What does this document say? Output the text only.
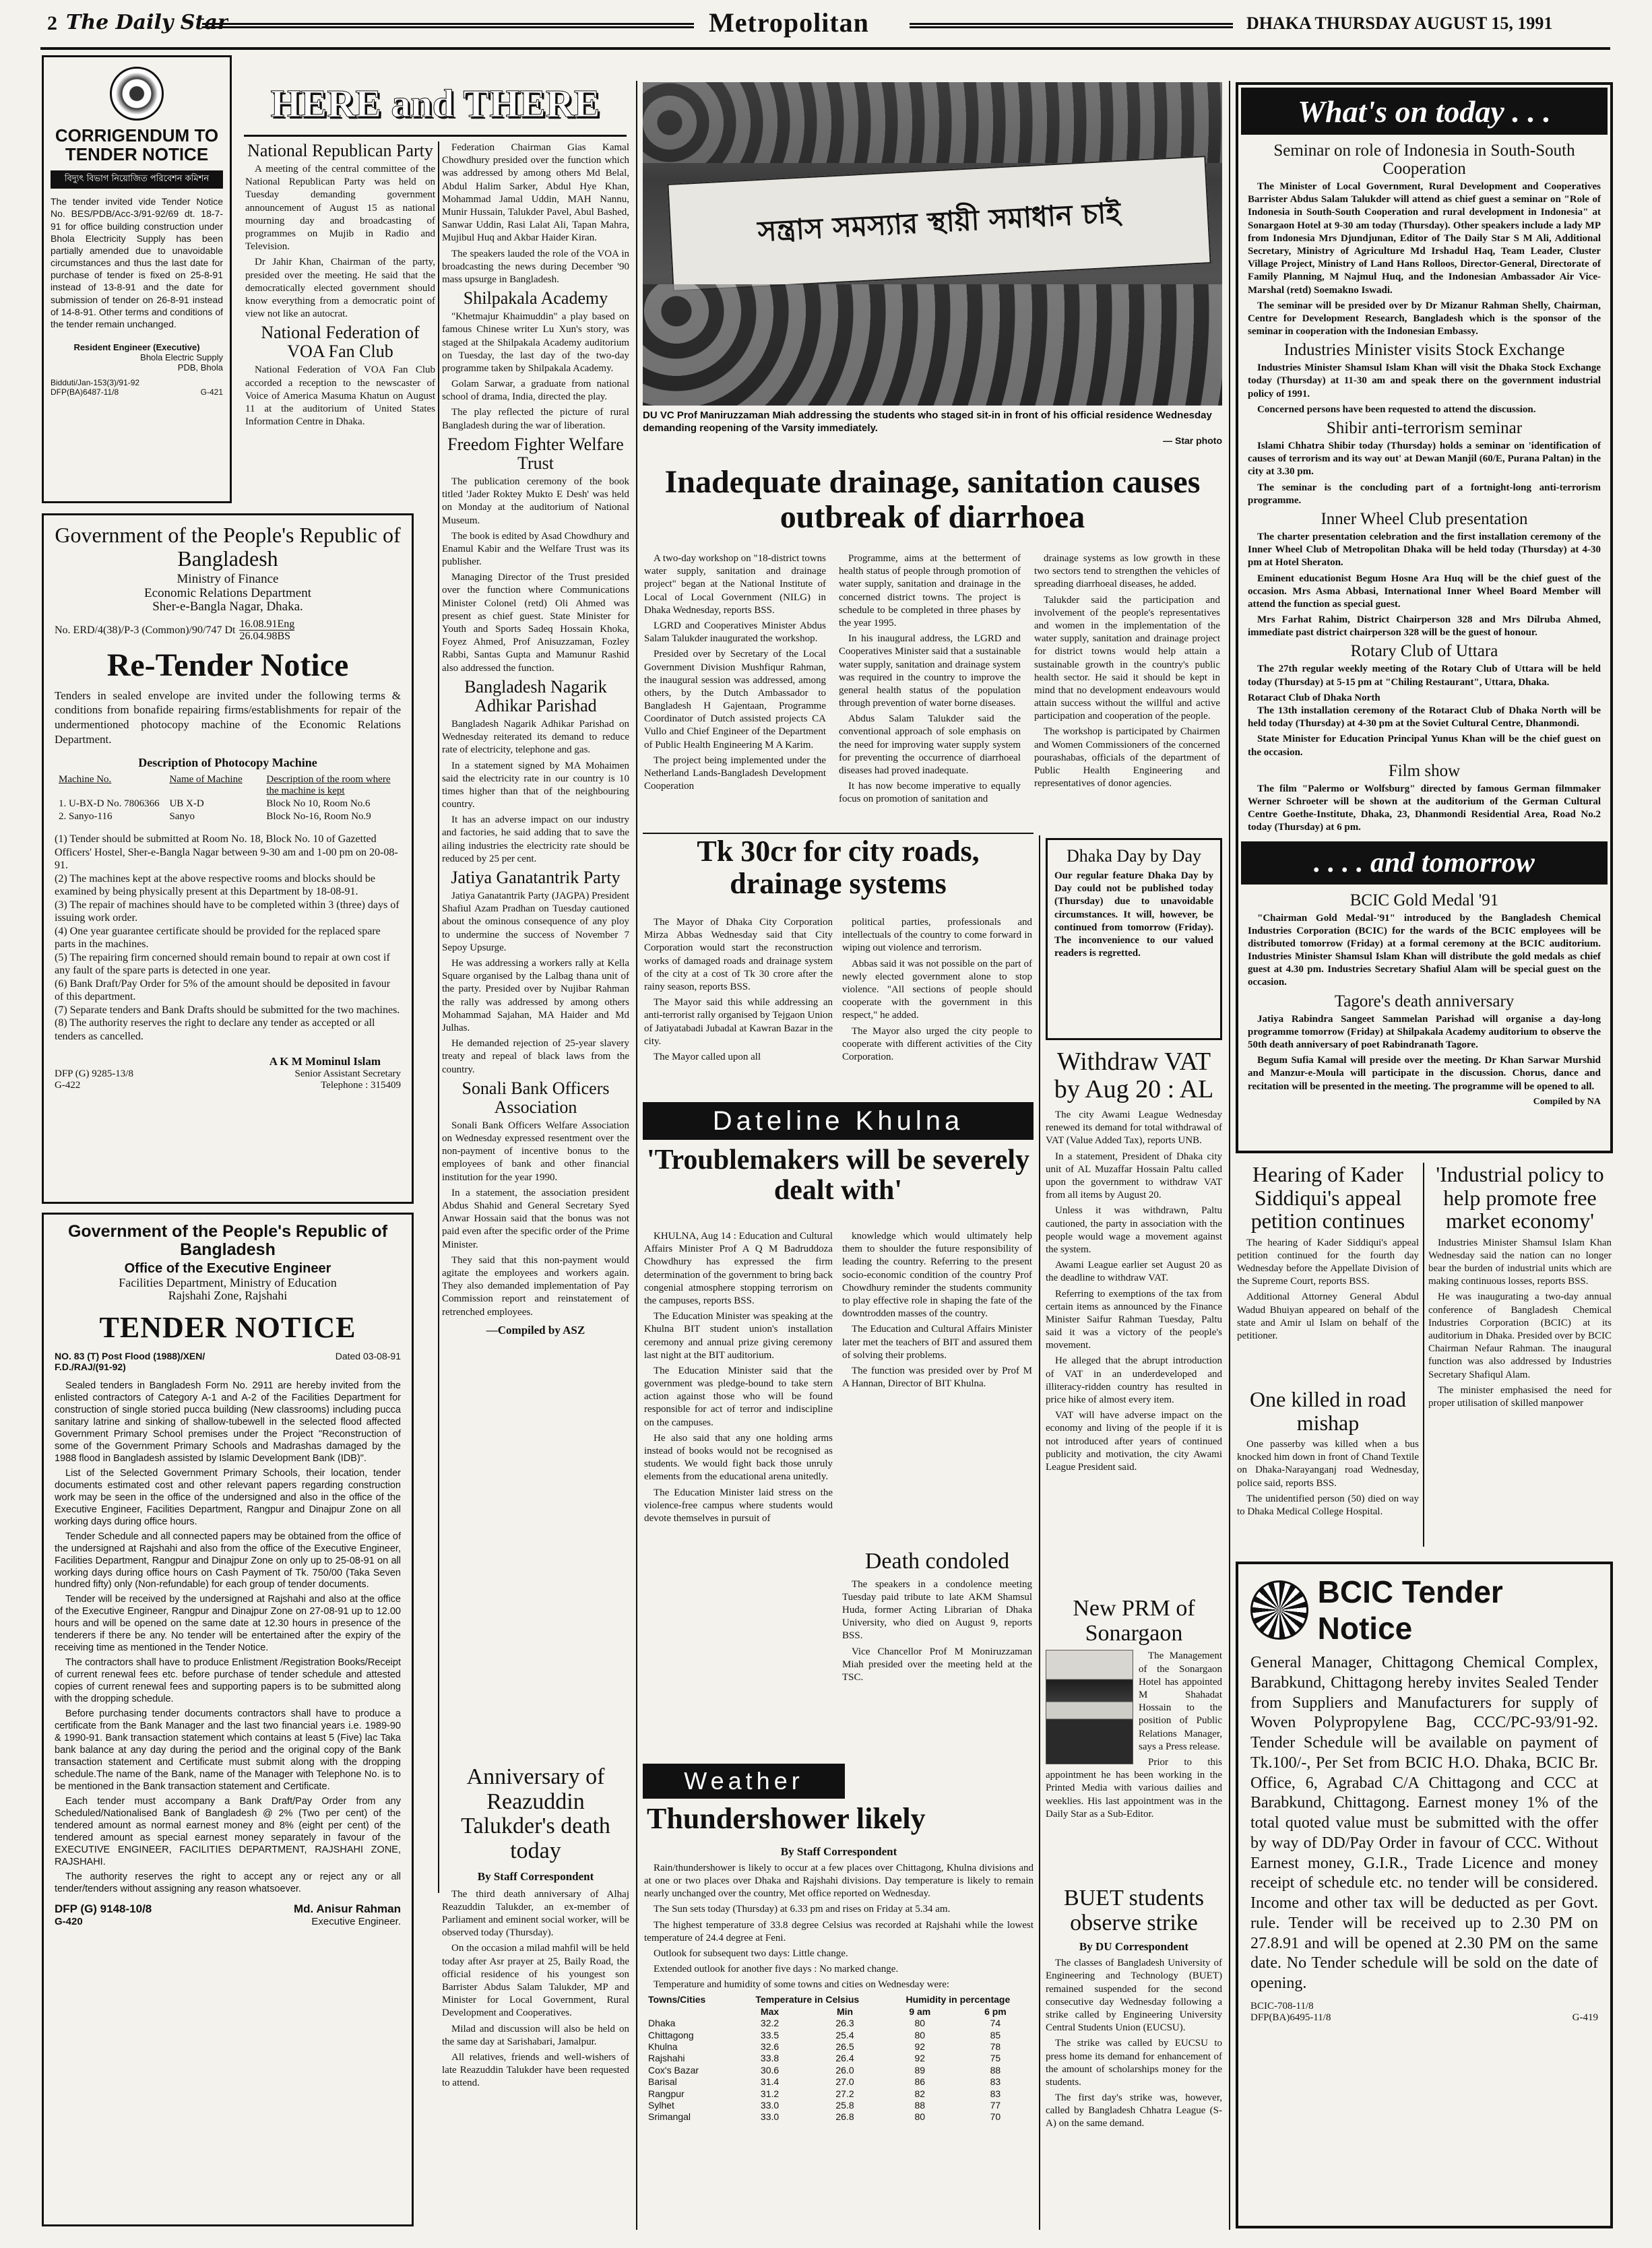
2 The Daily Star	Metropolitan	DHAKA THURSDAY AUGUST 15, 1991
CORRIGENDUM TO TENDER NOTICE
বিদ্যুৎ বিভাগ নিয়োজিত পরিবেশন কমিশন
The tender invited vide Tender Notice No. BES/PDB/Acc-3/91-92/69 dt. 18-7-91 for office building construction under Bhola Electricity Supply has been partially amended due to unavoidable circumstances and thus the last date for purchase of tender is fixed on 25-8-91 instead of 13-8-91 and the date for submission of tender on 26-8-91 instead of 14-8-91. Other terms and conditions of the tender remain unchanged.
Resident Engineer (Executive)
Bhola Electric Supply
PDB, Bhola
Bidduti/Jan-153(3)/91-92
DFP(BA)6487-11/8	G-421
Government of the People's Republic of Bangladesh
Ministry of Finance
Economic Relations Department
Sher-e-Bangla Nagar, Dhaka.
No. ERD/4(38)/P-3 (Common)/90/747 Dt
16.08.91Eng
26.04.98BS
Re-Tender Notice
Tenders in sealed envelope are invited under the following terms & conditions from bonafide repairing firms/establishments for repair of the undermentioned photocopy machine of the Economic Relations Department.
Description of Photocopy Machine
Machine No.	Name of Machine	Description of the room where the machine is kept
1. U-BX-D No. 7806366	UB X-D	Block No 10, Room No.6
2. Sanyo-116	Sanyo	Block No-16, Room No.9
(1) Tender should be submitted at Room No. 18, Block No. 10 of Gazetted Officers' Hostel, Sher-e-Bangla Nagar between 9-30 am and 1-00 pm on 20-08-91.
(2) The machines kept at the above respective rooms and blocks should be examined by being physically present at this Department by 18-08-91.
(3) The repair of machines should have to be completed within 3 (three) days of issuing work order.
(4) One year guarantee certificate should be provided for the replaced spare parts in the machines.
(5) The repairing firm concerned should remain bound to repair at own cost if any fault of the spare parts is detected in one year.
(6) Bank Draft/Pay Order for 5% of the amount should be deposited in favour of this department.
(7) Separate tenders and Bank Drafts should be submitted for the two machines.
(8) The authority reserves the right to declare any tender as accepted or all tenders as cancelled.
A K M Mominul Islam
DFP (G) 9285-13/8	Senior Assistant Secretary
G-422	Telephone : 315409
Government of the People's Republic of Bangladesh
Office of the Executive Engineer
Facilities Department, Ministry of Education
Rajshahi Zone, Rajshahi
TENDER NOTICE
NO. 83 (T) Post Flood (1988)/XEN/ F.D./RAJ/(91-92)
Dated 03-08-91

Sealed tenders in Bangladesh Form No. 2911 are hereby invited from the enlisted contractors of Category A-1 and A-2 of the Facilities Department for construction of single storied pucca building (New classrooms) including pucca sanitary latrine and sinking of shallow-tubewell in the selected flood affected Government Primary School premises under the Project "Reconstruction of some of the Government Primary Schools and Madrashas damaged by the 1988 flood in Bangladesh assisted by Islamic Development Bank (IDB)".

List of the Selected Government Primary Schools, their location, tender documents estimated cost and other relevant papers regarding construction work may be seen in the office of the undersigned and also in the office of the Executive Engineer, Facilities Department, Rangpur and Dinajpur Zone on all working days during office hours.

Tender Schedule and all connected papers may be obtained from the office of the undersigned at Rajshahi and also from the office of the Executive Engineer, Facilities Department, Rangpur and Dinajpur Zone on only up to 25-08-91 on all working days during office hours on Cash Payment of Tk. 750/00 (Taka Seven hundred fifty) only (Non-refundable) for each group of tender documents.

Tender will be received by the undersigned at Rajshahi and also at the office of the Executive Engineer, Rangpur and Dinajpur Zone on 27-08-91 up to 12.00 hours and will be opened on the same date at 12.30 hours in presence of the tenderers if there be any. No tender will be entertained after the expiry of the receiving time as mentioned in the Tender Notice.

The contractors shall have to produce Enlistment /Registration Books/Receipt of current renewal fees etc. before purchase of tender schedule and attested copies of current renewal fees and supporting papers is to be submitted along with the dropping schedule.

Before purchasing tender documents contractors shall have to produce a certificate from the Bank Manager and the last two financial years i.e. 1989-90 & 1990-91. Bank transaction statement which contains at least 5 (Five) lac Taka bank balance at any day during the period and the original copy of the Bank transaction statement and Certificate must submit along with the dropping schedule.The name of the Bank, name of the Manager with Telephone No. is to be mentioned in the Bank transaction statement and Certificate.

Each tender must accompany a Bank Draft/Pay Order from any Scheduled/Nationalised Bank of Bangladesh @ 2% (Two per cent) of the tendered amount as normal earnest money and 8% (eight per cent) of the tendered amount as special earnest money separately in favour of the EXECUTIVE ENGINEER, FACILITIES DEPARTMENT, RAJSHAHI ZONE, RAJSHAHI.

The authority reserves the right to accept any or reject any or all tender/tenders without assigning any reason whatsoever.

DFP (G) 9148-10/8	Md. Anisur Rahman
G-420	Executive Engineer.
HERE and THERE
National Republican Party

A meeting of the central committee of the National Republican Party was held on Tuesday demanding government announcement of August 15 as national mourning day and broadcasting of programmes on Mujib in Radio and Television.

Dr Jahir Khan, Chairman of the party, presided over the meeting. He said that the democratically elected government should know everything from a democratic point of view not like an autocrat.

National Federation of VOA Fan Club

National Federation of VOA Fan Club accorded a reception to the newscaster of Voice of America Masuma Khatun on August 11 at the auditorium of United States Information Centre in Dhaka.

Federation Chairman Gias Kamal Chowdhury presided over the function which was addressed by among others Md Belal, Abdul Halim Sarker, Abdul Hye Khan, Mohammad Jamal Uddin, MAH Nannu, Munir Hussain, Talukder Pavel, Abul Bashed, Sanwar Uddin, Rasi Lalat Ali, Tapan Mahra, Mujibul Huq and Akbar Haider Kiran.

The speakers lauded the role of the VOA in broadcasting the news during December '90 mass upsurge in Bangladesh.

Shilpakala Academy

"Khetmajur Khaimuddin" a play based on famous Chinese writer Lu Xun's story, was staged at the Shilpakala Academy auditorium on Tuesday, the last day of the two-day programme taken by Shilpakala Academy.

Golam Sarwar, a graduate from national school of drama, India, directed the play.

The play reflected the picture of rural Bangladesh during the war of liberation.

Freedom Fighter Welfare Trust

The publication ceremony of the book titled 'Jader Roktey Mukto E Desh' was held on Monday at the auditorium of National Museum.

The book is edited by Asad Chowdhury and Enamul Kabir and the Welfare Trust was its publisher.

Managing Director of the Trust presided over the function where Communications Minister Colonel (retd) Oli Ahmed was present as chief guest. State Minister for Youth and Sports Sadeq Hossain Khoka, Foyez Ahmed, Prof Anisuzzaman, Fozley Rabbi, Santas Gupta and Mamunur Rashid also addressed the function.

Bangladesh Nagarik Adhikar Parishad

Bangladesh Nagarik Adhikar Parishad on Wednesday reiterated its demand to reduce rate of electricity, telephone and gas.

In a statement signed by MA Mohaimen said the electricity rate in our country is 10 times higher than that of the neighbouring country.

It has an adverse impact on our industry and factories, he said adding that to save the ailing industries the electricity rate should be reduced by 25 per cent.

Jatiya Ganatantrik Party

Jatiya Ganatantrik Party (JAGPA) President Shafiul Azam Pradhan on Tuesday cautioned about the ominous consequence of any ploy to undermine the success of November 7 Sepoy Upsurge.

He was addressing a workers rally at Kella Square organised by the Lalbag thana unit of the party. Presided over by Nujibar Rahman the rally was addressed by among others Mohammad Sajahan, MA Haider and Md Julhas.

He demanded rejection of 25-year slavery treaty and repeal of black laws from the country.

Sonali Bank Officers Association

Sonali Bank Officers Welfare Association on Wednesday expressed resentment over the non-payment of incentive bonus to the employees of bank and other financial institution for the year 1990.

In a statement, the association president Abdus Shahid and General Secretary Syed Anwar Hossain said that the bonus was not paid even after the specific order of the Prime Minister.

They said that this non-payment would agitate the employees and workers again. They also demanded implementation of Pay Commission report and reinstatement of retrenched employees.

—Compiled by ASZ
Anniversary of Reazuddin Talukder's death today
By Staff Correspondent

The third death anniversary of Alhaj Reazuddin Talukder, an ex-member of Parliament and eminent social worker, will be observed today (Thursday).

On the occasion a milad mahfil will be held today after Asr prayer at 25, Baily Road, the official residence of his youngest son Barrister Abdus Salam Talukder, MP and Minister for Local Government, Rural Development and Cooperatives.

Milad and discussion will also be held on the same day at Sarishabari, Jamalpur.

All relatives, friends and well-wishers of late Reazuddin Talukder have been requested to attend.

সন্ত্রাস সমস্যার স্থায়ী সমাধান চাই
DU VC Prof Maniruzzaman Miah addressing the students who staged sit-in in front of his official residence Wednesday demanding reopening of the Varsity immediately.
— Star photo
Inadequate drainage, sanitation causes outbreak of diarrhoea

A two-day workshop on "18-district towns water supply, sanitation and drainage project" began at the National Institute of Local of Local Government (NILG) in Dhaka Wednesday, reports BSS.

LGRD and Cooperatives Minister Abdus Salam Talukder inaugurated the workshop.

Presided over by Secretary of the Local Government Division Mushfiqur Rahman, the inaugural session was addressed, among others, by the Dutch Ambassador to Bangladesh H Gajentaan, Programme Coordinator of Dutch assisted projects CA Vullo and Chief Engineer of the Department of Public Health Engineering M A Karim.

The project being implemented under the Netherland Lands-Bangladesh Development Cooperation

Programme, aims at the betterment of health status of people through promotion of water supply, sanitation and drainage in the concerned district towns. The project is schedule to be completed in three phases by the year 1995.

In his inaugural address, the LGRD and Cooperatives Minister said that a sustainable water supply, sanitation and drainage system was required in the country to improve the general health status of the population through prevention of water borne diseases.

Abdus Salam Talukder said the conventional approach of sole emphasis on the need for improving water supply system for preventing the occurrence of diarrhoeal diseases had proved inadequate.

It has now become imperative to equally focus on promotion of sanitation and

drainage systems as low growth in these two sectors tend to strengthen the vehicles of spreading diarrhoeal diseases, he added.

Talukder said the participation and involvement of the people's representatives and women in the implementation of the water supply, sanitation and drainage project for district towns would help attain a sustainable growth in the country's public health sector. He said it should be kept in mind that no development endeavours would attain success without the willful and active participation and cooperation of the people.

The workshop is participated by Chairmen and Women Commissioners of the concerned pourashabas, officials of the department of Public Health Engineering and representatives of donor agencies.

Tk 30cr for city roads, drainage systems

The Mayor of Dhaka City Corporation Mirza Abbas Wednesday said that City Corporation would start the reconstruction works of damaged roads and drainage system of the city at a cost of Tk 30 crore after the rainy season, reports BSS.

The Mayor said this while addressing an anti-terrorist rally organised by Tejgaon Union of Jatiyatabadi Jubadal at Kawran Bazar in the city.

The Mayor called upon all

political parties, professionals and intellectuals of the country to come forward in wiping out violence and terrorism.

Abbas said it was not possible on the part of newly elected government alone to stop violence. "All sections of people should cooperate with the government in this respect," he added.

The Mayor also urged the city people to cooperate with different activities of the City Corporation.

Dateline Khulna
'Troublemakers will be severely dealt with'

KHULNA, Aug 14 : Education and Cultural Affairs Minister Prof A Q M Badruddoza Chowdhury has expressed the firm determination of the government to bring back congenial atmosphere stopping terrorism on the campuses, reports BSS.

The Education Minister was speaking at the Khulna BIT student union's installation ceremony and annual prize giving ceremony last night at the BIT auditorium.

The Education Minister said that the government was pledge-bound to take stern action against those who will be found responsible for act of terror and indiscipline on the campuses.

He also said that any one holding arms instead of books would not be recognised as students. We would fight back those unruly elements from the educational arena unitedly.

The Education Minister laid stress on the violence-free campus where students would devote themselves in pursuit of

knowledge which would ultimately help them to shoulder the future responsibility of leading the country. Referring to the present socio-economic condition of the country Prof Chowdhury reminder the students community to play effective role in shaping the fate of the downtrodden masses of the country.

The Education and Cultural Affairs Minister later met the teachers of BIT and assured them of solving their problems.

The function was presided over by Prof M A Hannan, Director of BIT Khulna.

Death condoled

The speakers in a condolence meeting Tuesday paid tribute to late AKM Shamsul Huda, former Acting Librarian of Dhaka University, who died on August 9, reports BSS.

Vice Chancellor Prof M Moniruzzaman Miah presided over the meeting held at the TSC.

Weather
Thundershower likely
By Staff Correspondent

Rain/thundershower is likely to occur at a few places over Chittagong, Khulna divisions and at one or two places over Dhaka and Rajshahi divisions. Day temperature is likely to remain nearly unchanged over the country, Met office reported on Wednesday.

The Sun sets today (Thursday) at 6.33 pm and rises on Friday at 5.34 am.

The highest temperature of 33.8 degree Celsius was recorded at Rajshahi while the lowest temperature of 24.4 degree at Feni.

Outlook for subsequent two days: Little change.

Extended outlook for another five days : No marked change.

Temperature and humidity of some towns and cities on Wednesday were:

Towns/Cities	Temperature in Celsius		Humidity in percentage	
	Max	Min	9 am	6 pm
Dhaka	32.2	26.3	80	74
Chittagong	33.5	25.4	80	85
Khulna	32.6	26.5	92	78
Rajshahi	33.8	26.4	92	75
Cox's Bazar	30.6	26.0	89	88
Barisal	31.4	27.0	86	83
Rangpur	31.2	27.2	82	83
Sylhet	33.0	25.8	88	77
Srimangal	33.0	26.8	80	70
Dhaka Day by Day
Our regular feature Dhaka Day by Day could not be published today (Thursday) due to unavoidable circumstances. It will, however, be continued from tomorrow (Friday). The inconvenience to our valued readers is regretted.
Withdraw VAT by Aug 20 : AL

The city Awami League Wednesday renewed its demand for total withdrawal of VAT (Value Added Tax), reports UNB.

In a statement, President of Dhaka city unit of AL Muzaffar Hossain Paltu called upon the government to withdraw VAT from all items by August 20.

Unless it was withdrawn, Paltu cautioned, the party in association with the people would wage a movement against the system.

Awami League earlier set August 20 as the deadline to withdraw VAT.

Referring to exemptions of the tax from certain items as announced by the Finance Minister Saifur Rahman Tuesday, Paltu said it was a victory of the people's movement.

He alleged that the abrupt introduction of VAT in an underdeveloped and illiteracy-ridden country has resulted in price hike of almost every item.

VAT will have adverse impact on the economy and living of the people if it is not introduced after years of continued publicity and motivation, the city Awami League President said.

New PRM of Sonargaon

The Management of the Sonargaon Hotel has appointed M Shahadat Hossain to the position of Public Relations Manager, says a Press release.

Prior to this appointment he has been working in the Printed Media with various dailies and weeklies. His last appointment was in the Daily Star as a Sub-Editor.

BUET students observe strike
By DU Correspondent

The classes of Bangladesh University of Engineering and Technology (BUET) remained suspended for the second consecutive day Wednesday following a strike called by Engineering University Central Students Union (EUCSU).

The strike was called by EUCSU to press home its demand for enhancement of the amount of scholarships money for the students.

The first day's strike was, however, called by Bangladesh Chhatra League (S-A) on the same demand.

What's on today . . .
Seminar on role of Indonesia in South-South Cooperation

The Minister of Local Government, Rural Development and Cooperatives Barrister Abdus Salam Talukder will attend as chief guest a seminar on "Role of Indonesia in South-South Cooperation and rural development in Indonesia" at Sonargaon Hotel at 9-30 am today (Thursday). Other speakers include a lady MP from Indonesia Mrs Djundjunan, Editor of The Daily Star S M Ali, Additional Secretary, Ministry of Agriculture Md Irshadul Haq, Team Leader, Cluster Village Project, Ministry of Land Hans Rolloos, Director-General, Directorate of Family Planning, M Najmul Huq, and the Indonesian Ambassador Air Vice-Marshal (retd) Soemakno Iswadi.

The seminar will be presided over by Dr Mizanur Rahman Shelly, Chairman, Centre for Development Research, Bangladesh which is the sponsor of the seminar in cooperation with the Indonesian Embassy.

Industries Minister visits Stock Exchange

Industries Minister Shamsul Islam Khan will visit the Dhaka Stock Exchange today (Thursday) at 11-30 am and speak there on the government industrial policy of 1991.

Concerned persons have been requested to attend the discussion.

Shibir anti-terrorism seminar

Islami Chhatra Shibir today (Thursday) holds a seminar on 'identification of causes of terrorism and its way out' at Dewan Manjil (60/E, Purana Paltan) in the city at 3.30 pm.

The seminar is the concluding part of a fortnight-long anti-terrorism programme.

Inner Wheel Club presentation

The charter presentation celebration and the first installation ceremony of the Inner Wheel Club of Metropolitan Dhaka will be held today (Thursday) at 4-30 pm at Hotel Sheraton.

Eminent educationist Begum Hosne Ara Huq will be the chief guest of the occasion. Mrs Asma Abbasi, International Inner Wheel Board Member will attend the function as special guest.

Mrs Farhat Rahim, District Chairperson 328 and Mrs Dilruba Ahmed, immediate past district chairperson 328 will be the guest of honour.

Rotary Club of Uttara

The 27th regular weekly meeting of the Rotary Club of Uttara will be held today (Thursday) at 5-15 pm at "Chiling Restaurant", Uttara, Dhaka.

Rotaract Club of Dhaka North

The 13th installation ceremony of the Rotaract Club of Dhaka North will be held today (Thursday) at 4-30 pm at the Soviet Cultural Centre, Dhanmondi.

State Minister for Education Principal Yunus Khan will be the chief guest on the occasion.

Film show

The film "Palermo or Wolfsburg" directed by famous German filmmaker Werner Schroeter will be shown at the auditorium of the German Cultural Centre Goethe-Institute, Dhaka, 23, Dhanmondi Residential Area, Road No.2 today (Thursday) at 6 pm.

. . . . and tomorrow
BCIC Gold Medal '91

"Chairman Gold Medal-'91" introduced by the Bangladesh Chemical Industries Corporation (BCIC) for the wards of the BCIC employees will be distributed tomorrow (Friday) at a formal ceremony at the BCIC auditorium. Industries Minister Shamsul Islam Khan will distribute the gold medals as chief guest at 4.30 pm. Industries Secretary Shafiul Alam will be special guest on the occasion.

Tagore's death anniversary

Jatiya Rabindra Sangeet Sammelan Parishad will organise a day-long programme tomorrow (Friday) at Shilpakala Academy auditorium to observe the 50th death anniversary of poet Rabindranath Tagore.

Begum Sufia Kamal will preside over the meeting. Dr Khan Sarwar Murshid and Manzur-e-Moula will participate in the discussion. Chorus, dance and recitation will be presented in the meeting. The programme will be opened to all.

Compiled by NA
Hearing of Kader Siddiqui's appeal petition continues

The hearing of Kader Siddiqui's appeal petition continued for the fourth day Wednesday before the Appellate Division of the Supreme Court, reports BSS.

Additional Attorney General Abdul Wadud Bhuiyan appeared on behalf of the state and Amir ul Islam on behalf of the petitioner.

One killed in road mishap

One passerby was killed when a bus knocked him down in front of Chand Textile on Dhaka-Narayanganj road Wednesday, police said, reports BSS.

The unidentified person (50) died on way to Dhaka Medical College Hospital.

'Industrial policy to help promote free market economy'

Industries Minister Shamsul Islam Khan Wednesday said the nation can no longer bear the burden of industrial units which are making continuous losses, reports BSS.

He was inaugurating a two-day annual conference of Bangladesh Chemical Industries Corporation (BCIC) at its auditorium in Dhaka. Presided over by BCIC Chairman Nefaur Rahman. The inaugural function was also addressed by Industries Secretary Shafiqul Alam.

The minister emphasised the need for proper utilisation of skilled manpower

BCIC Tender Notice
General Manager, Chittagong Chemical Complex, Barabkund, Chittagong hereby invites Sealed Tender from Suppliers and Manufacturers for supply of Woven Polypropylene Bag, CCC/PC-93/91-92. Tender Schedule will be available on payment of Tk.100/-, Per Set from BCIC H.O. Dhaka, BCIC Br. Office, 6, Agrabad C/A Chittagong and CCC at Barabkund, Chittagong. Earnest money 1% of the total quoted value must be submitted with the offer by way of DD/Pay Order in favour of CCC. Without Earnest money, G.I.R., Trade Licence and money receipt of schedule etc. no tender will be considered. Income and other tax will be deducted as per Govt. rule. Tender will be received up to 2.30 PM on 27.8.91 and will be opened at 2.30 PM on the same date. No Tender schedule will be sold on the date of opening.
BCIC-708-11/8
DFP(BA)6495-11/8	G-419
